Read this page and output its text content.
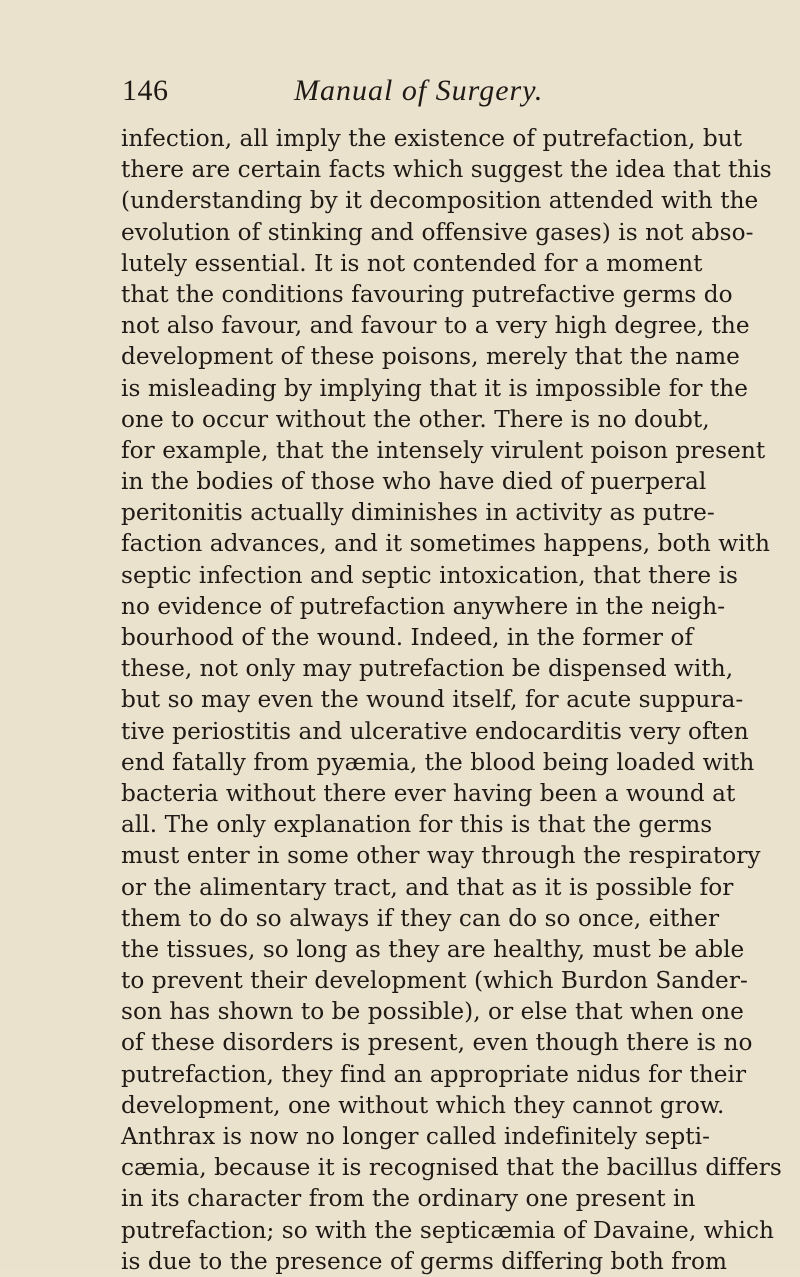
146	Manual of Surgery.
infection, all imply the existence of putrefaction, but
there are certain facts which suggest the idea that this
(understanding by it decomposition attended with the
evolution of stinking and offensive gases) is not abso-
lutely essential. It is not contended for a moment
that the conditions favouring putrefactive germs do
not also favour, and favour to a very high degree, the
development of these poisons, merely that the name
is misleading by implying that it is impossible for the
one to occur without the other. There is no doubt,
for example, that the intensely virulent poison present
in the bodies of those who have died of puerperal
peritonitis actually diminishes in activity as putre-
faction advances, and it sometimes happens, both with
septic infection and septic intoxication, that there is
no evidence of putrefaction anywhere in the neigh-
bourhood of the wound. Indeed, in the former of
these, not only may putrefaction be dispensed with,
but so may even the wound itself, for acute suppura-
tive periostitis and ulcerative endocarditis very often
end fatally from pyæmia, the blood being loaded with
bacteria without there ever having been a wound at
all. The only explanation for this is that the germs
must enter in some other way through the respiratory
or the alimentary tract, and that as it is possible for
them to do so always if they can do so once, either
the tissues, so long as they are healthy, must be able
to prevent their development (which Burdon Sander-
son has shown to be possible), or else that when one
of these disorders is present, even though there is no
putrefaction, they find an appropriate nidus for their
development, one without which they cannot grow.
Anthrax is now no longer called indefinitely septi-
cæmia, because it is recognised that the bacillus differs
in its character from the ordinary one present in
putrefaction; so with the septicæmia of Davaine, which
is due to the presence of germs differing both from
